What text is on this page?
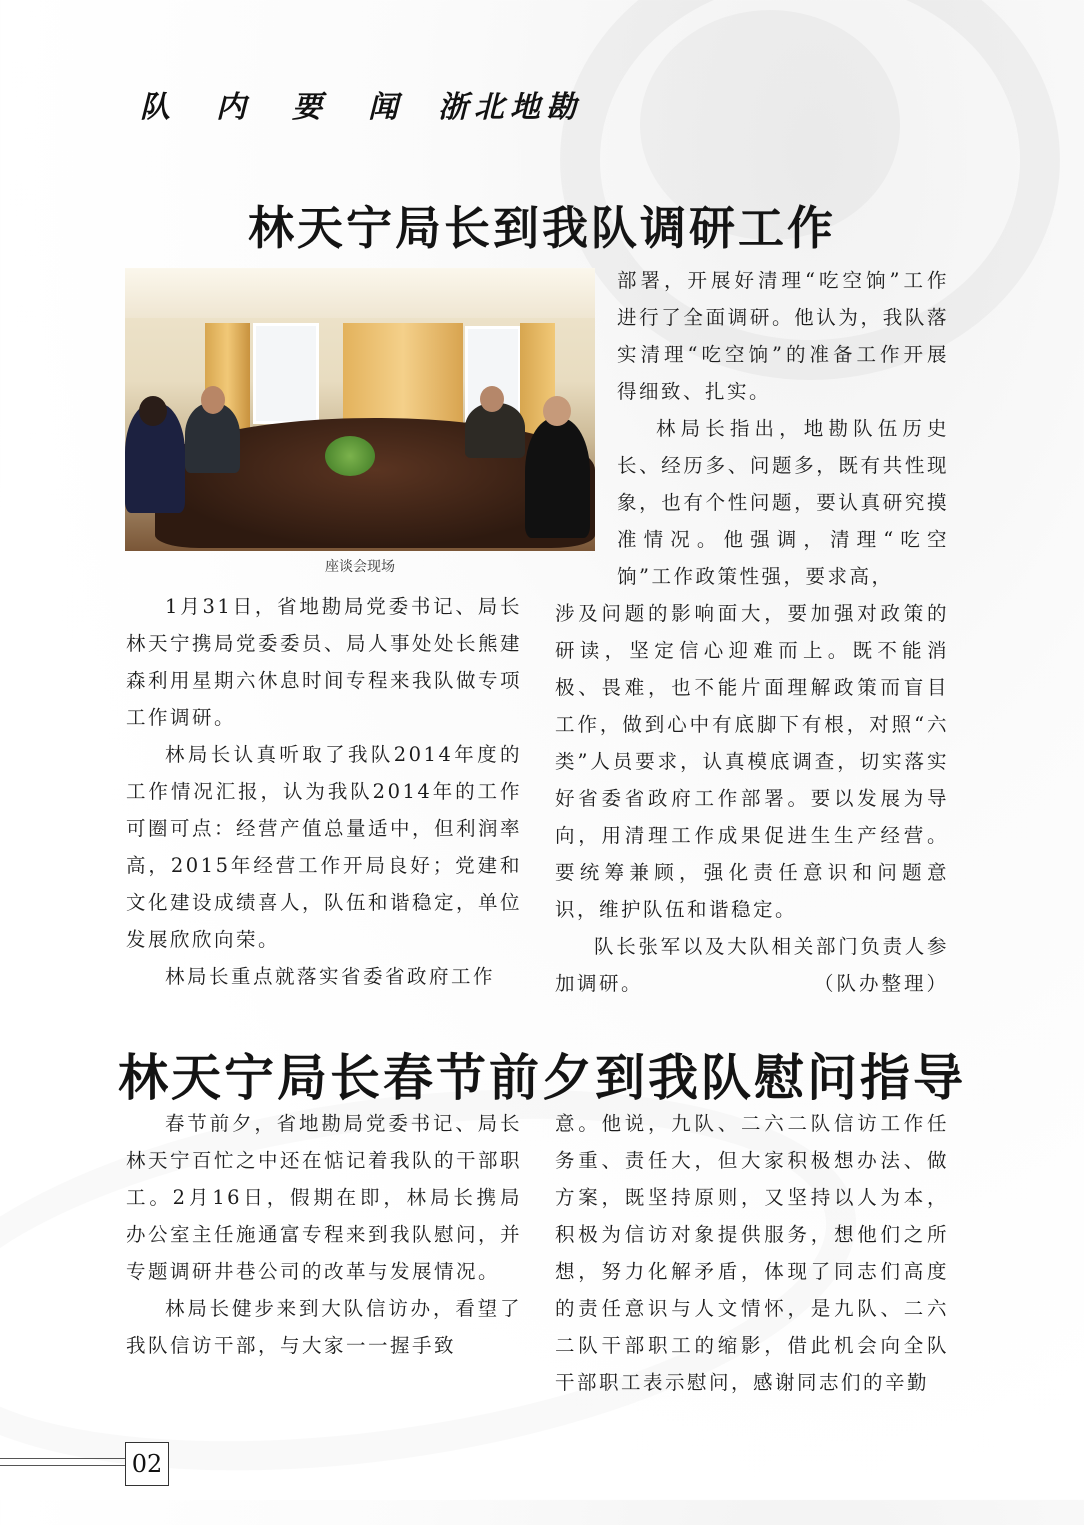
队内要闻
浙北地勘
林天宁局长到我队调研工作
座谈会现场

1月31日，省地勘局党委书记、局长林天宁携局党委委员、局人事处处长熊建森利用星期六休息时间专程来我队做专项工作调研。

林局长认真听取了我队2014年度的工作情况汇报，认为我队2014年的工作可圈可点：经营产值总量适中，但利润率高，2015年经营工作开局良好；党建和文化建设成绩喜人，队伍和谐稳定，单位发展欣欣向荣。

林局长重点就落实省委省政府工作

部署，开展好清理“吃空饷”工作进行了全面调研。他认为，我队落实清理“吃空饷”的准备工作开展得细致、扎实。

林局长指出，地勘队伍历史长、经历多、问题多，既有共性现象，也有个性问题，要认真研究摸准情况。他强调，清理“吃空饷”工作政策性强，要求高，

涉及问题的影响面大，要加强对政策的研读，坚定信心迎难而上。既不能消极、畏难，也不能片面理解政策而盲目工作，做到心中有底脚下有根，对照“六类”人员要求，认真模底调查，切实落实好省委省政府工作部署。要以发展为导向，用清理工作成果促进生生产经营。要统筹兼顾，强化责任意识和问题意识，维护队伍和谐稳定。

队长张军以及大队相关部门负责人参加调研。	（队办整理）

林天宁局长春节前夕到我队慰问指导

春节前夕，省地勘局党委书记、局长林天宁百忙之中还在惦记着我队的干部职工。2月16日，假期在即，林局长携局办公室主任施通富专程来到我队慰问，并专题调研井巷公司的改革与发展情况。

林局长健步来到大队信访办，看望了我队信访干部，与大家一一握手致

意。他说，九队、二六二队信访工作任务重、责任大，但大家积极想办法、做方案，既坚持原则，又坚持以人为本，积极为信访对象提供服务，想他们之所想，努力化解矛盾，体现了同志们高度的责任意识与人文情怀，是九队、二六二队干部职工的缩影，借此机会向全队干部职工表示慰问，感谢同志们的辛勤

02
